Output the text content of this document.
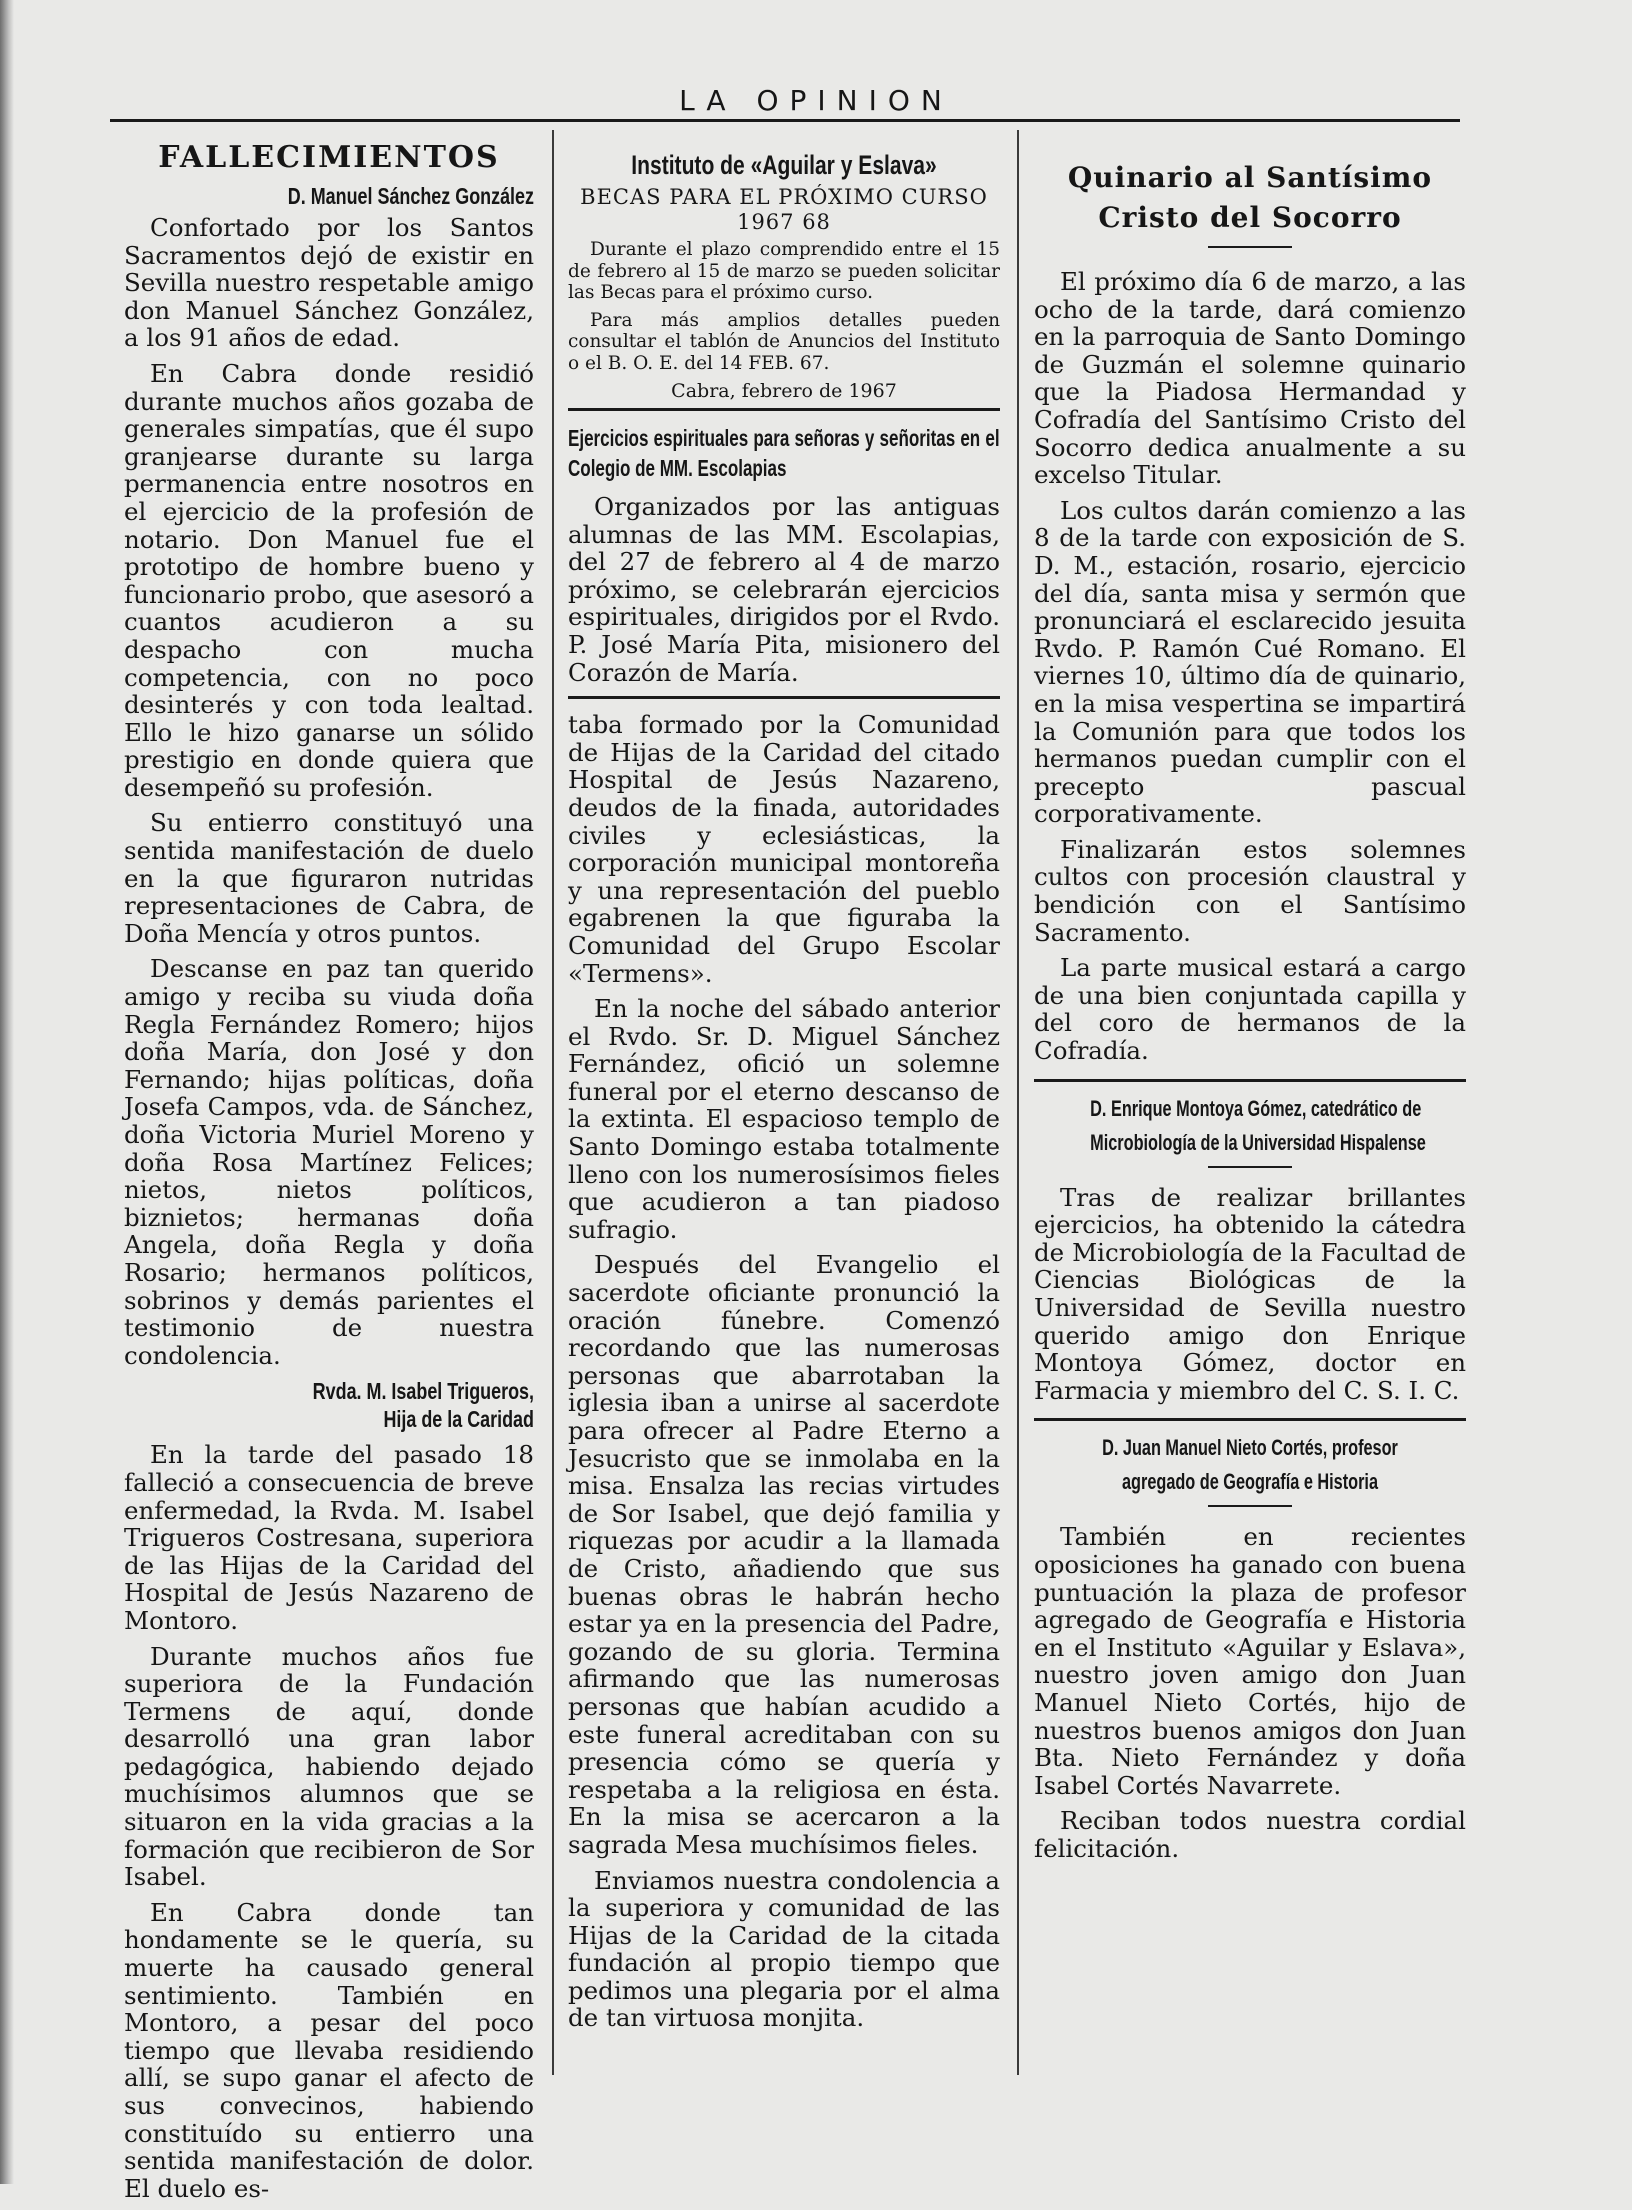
LA OPINION
FALLECIMIENTOS
D. Manuel Sánchez González

Confortado por los Santos Sacramentos dejó de existir en Sevilla nuestro respetable amigo don Manuel Sánchez González, a los 91 años de edad.

En Cabra donde residió durante muchos años gozaba de generales simpatías, que él supo granjearse durante su larga permanencia entre nosotros en el ejercicio de la profesión de notario. Don Manuel fue el prototipo de hombre bueno y funcionario probo, que asesoró a cuantos acudieron a su despacho con mucha competencia, con no poco desinterés y con toda lealtad. Ello le hizo ganarse un sólido prestigio en donde quiera que desempeñó su profesión.

Su entierro constituyó una sentida manifestación de duelo en la que figuraron nutridas representaciones de Cabra, de Doña Mencía y otros puntos.

Descanse en paz tan querido amigo y reciba su viuda doña Regla Fernández Romero; hijos doña María, don José y don Fernando; hijas políticas, doña Josefa Campos, vda. de Sánchez, doña Victoria Muriel Moreno y doña Rosa Martínez Felices; nietos, nietos políticos, biznietos; hermanas doña Angela, doña Regla y doña Rosario; hermanos políticos, sobrinos y demás parientes el testimonio de nuestra condolencia.

Rvda. M. Isabel Trigueros,
Hija de la Caridad

En la tarde del pasado 18 falleció a consecuencia de breve enfermedad, la Rvda. M. Isabel Trigueros Costresana, superiora de las Hijas de la Caridad del Hospital de Jesús Nazareno de Montoro.

Durante muchos años fue superiora de la Fundación Termens de aquí, donde desarrolló una gran labor pedagógica, habiendo dejado muchísimos alumnos que se situaron en la vida gracias a la formación que recibieron de Sor Isabel.

En Cabra donde tan hondamente se le quería, su muerte ha causado general sentimiento. También en Montoro, a pesar del poco tiempo que llevaba residiendo allí, se supo ganar el afecto de sus convecinos, habiendo constituído su entierro una sentida manifestación de dolor. El duelo es-

Instituto de «Aguilar y Eslava»
BECAS PARA EL PRÓXIMO CURSO
1967 68

Durante el plazo comprendido entre el 15 de febrero al 15 de marzo se pueden solicitar las Becas para el próximo curso.

Para más amplios detalles pueden consultar el tablón de Anuncios del Instituto o el B. O. E. del 14 FEB. 67.

Cabra, febrero de 1967
Ejercicios espirituales para señoras y señoritas en el Colegio de MM. Escolapias

Organizados por las antiguas alumnas de las MM. Escolapias, del 27 de febrero al 4 de marzo próximo, se celebrarán ejercicios espirituales, dirigidos por el Rvdo. P. José María Pita, misionero del Corazón de María.

taba formado por la Comunidad de Hijas de la Caridad del citado Hospital de Jesús Nazareno, deudos de la finada, autoridades civiles y eclesiásticas, la corporación municipal montoreña y una representación del pueblo egabrenen la que figuraba la Comunidad del Grupo Escolar «Termens».

En la noche del sábado anterior el Rvdo. Sr. D. Miguel Sánchez Fernández, ofició un solemne funeral por el eterno descanso de la extinta. El espacioso templo de Santo Domingo estaba totalmente lleno con los numerosísimos fieles que acudieron a tan piadoso sufragio.

Después del Evangelio el sacerdote oficiante pronunció la oración fúnebre. Comenzó recordando que las numerosas personas que abarrotaban la iglesia iban a unirse al sacerdote para ofrecer al Padre Eterno a Jesucristo que se inmolaba en la misa. Ensalza las recias virtudes de Sor Isabel, que dejó familia y riquezas por acudir a la llamada de Cristo, añadiendo que sus buenas obras le habrán hecho estar ya en la presencia del Padre, gozando de su gloria. Termina afirmando que las numerosas personas que habían acudido a este funeral acreditaban con su presencia cómo se quería y respetaba a la religiosa en ésta. En la misa se acercaron a la sagrada Mesa muchísimos fieles.

Enviamos nuestra condolencia a la superiora y comunidad de las Hijas de la Caridad de la citada fundación al propio tiempo que pedimos una plegaria por el alma de tan virtuosa monjita.

Quinario al Santísimo
Cristo del Socorro

El próximo día 6 de marzo, a las ocho de la tarde, dará comienzo en la parroquia de Santo Domingo de Guzmán el solemne quinario que la Piadosa Hermandad y Cofradía del Santísimo Cristo del Socorro dedica anualmente a su excelso Titular.

Los cultos darán comienzo a las 8 de la tarde con exposición de S. D. M., estación, rosario, ejercicio del día, santa misa y sermón que pronunciará el esclarecido jesuita Rvdo. P. Ramón Cué Romano. El viernes 10, último día de quinario, en la misa vespertina se impartirá la Comunión para que todos los hermanos puedan cumplir con el precepto pascual corporativamente.

Finalizarán estos solemnes cultos con procesión claustral y bendición con el Santísimo Sacramento.

La parte musical estará a cargo de una bien conjuntada capilla y del coro de hermanos de la Cofradía.

D. Enrique Montoya Gómez, catedrático de
Microbiología de la Universidad Hispalense

Tras de realizar brillantes ejercicios, ha obtenido la cátedra de Microbiología de la Facultad de Ciencias Biológicas de la Universidad de Sevilla nuestro querido amigo don Enrique Montoya Gómez, doctor en Farmacia y miembro del C. S. I. C.

D. Juan Manuel Nieto Cortés, profesor
agregado de Geografía e Historia

También en recientes oposiciones ha ganado con buena puntuación la plaza de profesor agregado de Geografía e Historia en el Instituto «Aguilar y Eslava», nuestro joven amigo don Juan Manuel Nieto Cortés, hijo de nuestros buenos amigos don Juan Bta. Nieto Fernández y doña Isabel Cortés Navarrete.

Reciban todos nuestra cordial felicitación.
